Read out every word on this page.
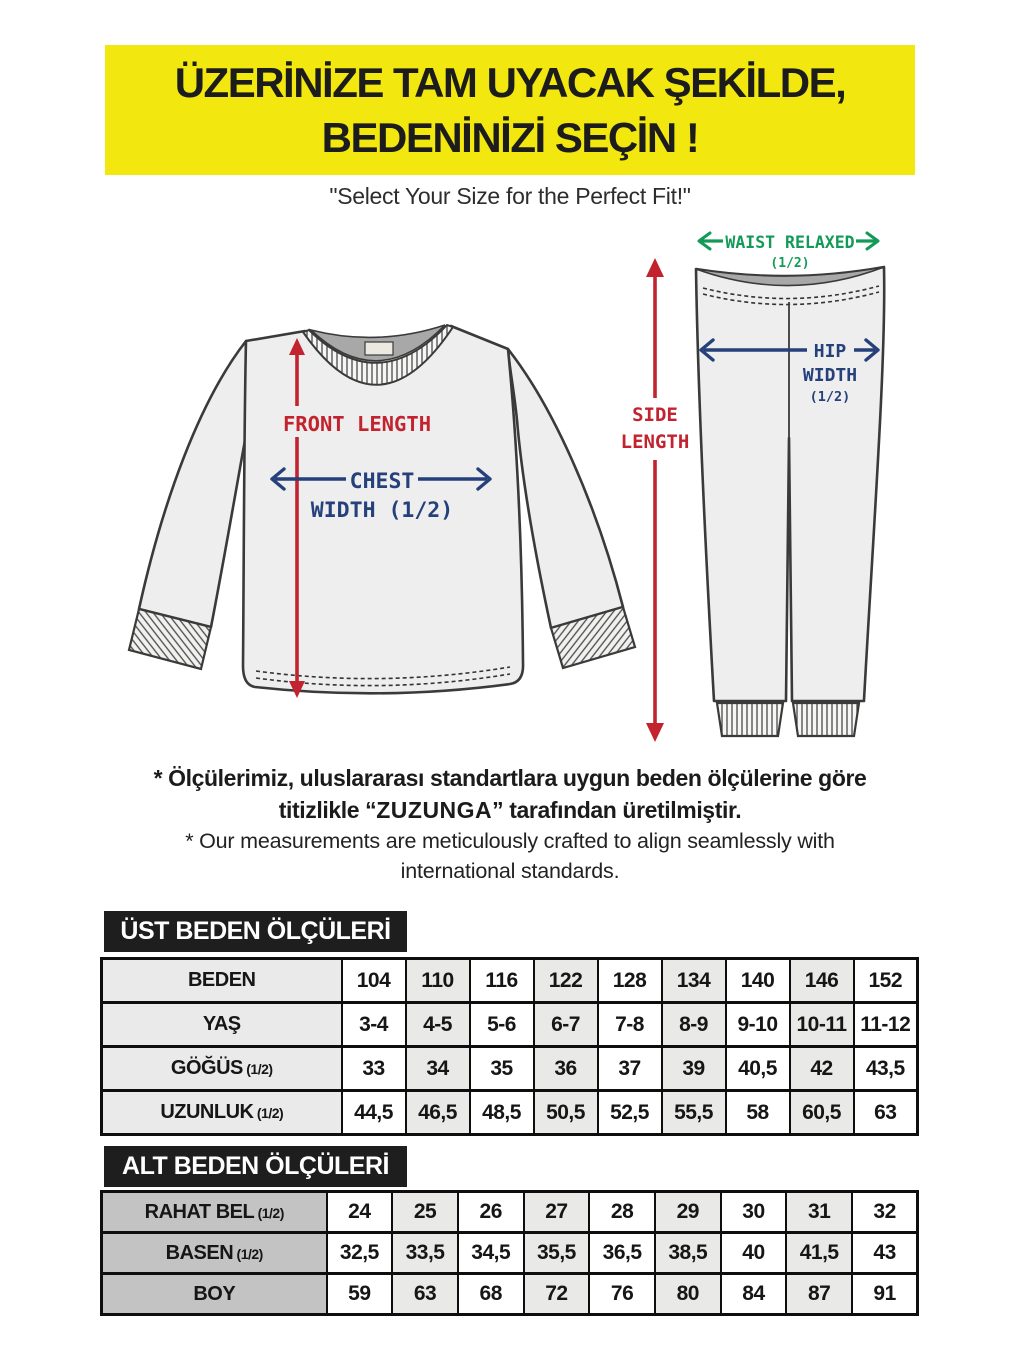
ÜZERİNİZE TAM UYACAK ŞEKİLDE,
BEDENİNİZİ SEÇİN !
"Select Your Size for the Perfect Fit!"
FRONT LENGTH
CHEST
WIDTH (1/2)
SIDE
LENGTH
WAIST RELAXED
(1/2)
HIP
WIDTH
(1/2)
* Ölçülerimiz, uluslararası standartlara uygun beden ölçülerine göre
titizlikle “ZUZUNGA” tarafından üretilmiştir.
* Our measurements are meticulously crafted to align seamlessly with
international standards.
ÜST BEDEN ÖLÇÜLERİ
BEDEN	104	110	116	122	128	134	140	146	152
YAŞ	3-4	4-5	5-6	6-7	7-8	8-9	9-10	10-11	11-12
GÖĞÜS (1/2)	33	34	35	36	37	39	40,5	42	43,5
UZUNLUK (1/2)	44,5	46,5	48,5	50,5	52,5	55,5	58	60,5	63
ALT BEDEN ÖLÇÜLERİ
RAHAT BEL (1/2)	24	25	26	27	28	29	30	31	32
BASEN (1/2)	32,5	33,5	34,5	35,5	36,5	38,5	40	41,5	43
BOY	59	63	68	72	76	80	84	87	91
